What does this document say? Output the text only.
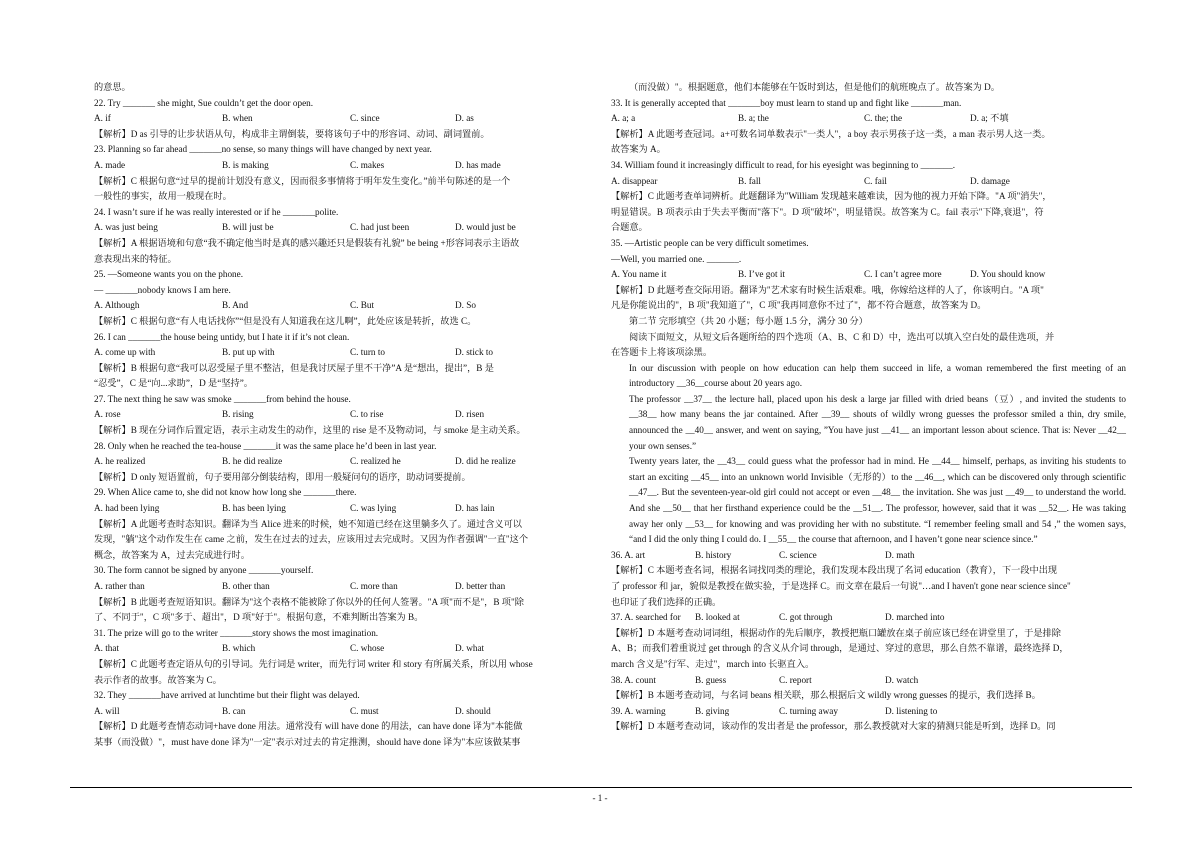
的意思。
22. Try _______ she might, Sue couldn’t get the door open.
A. if	B. when	C. since	D. as
【解析】D as 引导的让步状语从句，构成非主谓倒装，要将该句子中的形容词、动词、副词置前。
23. Planning so far ahead _______no sense, so many things will have changed by next year.
A. made	B. is making	C. makes	D. has made
【解析】C 根据句意“过早的提前计划没有意义，因而很多事情将于明年发生变化。”前半句陈述的是一个
一般性的事实，故用一般现在时。
24. I wasn’t sure if he was really interested or if he _______polite.
A. was just being	B. will just be	C. had just been	D. would just be
【解析】A 根据语境和句意“我不确定他当时是真的感兴趣还只是假装有礼貌” be being +形容词表示主语故
意表现出来的特征。
25. —Someone wants you on the phone.
— _______nobody knows I am here.
A. Although	B. And	C. But	D. So
【解析】C 根据句意“有人电话找你”“但是没有人知道我在这儿啊”，此处应该是转折，故选 C。
26. I can _______the house being untidy, but I hate it if it’s not clean.
A. come up with	B. put up with	C. turn to	D. stick to
【解析】B 根据句意“我可以忍受屋子里不整洁，但是我讨厌屋子里不干净”A 是“想出，提出”，B 是
“忍受”，C 是“向...求助”，D 是“坚持”。
27. The next thing he saw was smoke _______from behind the house.
A. rose	B. rising	C. to rise	D. risen
【解析】B 现在分词作后置定语，表示主动发生的动作，这里的 rise 是不及物动词，与 smoke 是主动关系。
28. Only when he reached the tea-house _______it was the same place he’d been in last year.
A. he realized	B. he did realize	C. realized he	D. did he realize
【解析】D only 短语置前，句子要用部分倒装结构，即用一般疑问句的语序，助动词要提前。
29. When Alice came to, she did not know how long she _______there.
A. had been lying	B. has been lying	C. was lying	D. has lain
【解析】A 此题考查时态知识。翻译为当 Alice 进来的时候，她不知道已经在这里躺多久了。通过含义可以
发现，"躺"这个动作发生在 came 之前，发生在过去的过去，应该用过去完成时。又因为作者强调"一直"这个
概念，故答案为 A，过去完成进行时。
30. The form cannot be signed by anyone _______yourself.
A. rather than	B. other than	C. more than	D. better than
【解析】B 此题考查短语知识。翻译为"这个表格不能被除了你以外的任何人签署。"A 项"而不是"，B 项"除
了、不同于"，C 项"多于、超出"，D 项"好于"。根据句意，不难判断出答案为 B。
31. The prize will go to the writer _______story shows the most imagination.
A. that	B. which	C. whose	D. what
【解析】C 此题考查定语从句的引导词。先行词是 writer，而先行词 writer 和 story 有所属关系，所以用 whose
表示作者的故事。故答案为 C。
32. They _______have arrived at lunchtime but their flight was delayed.
A. will	B. can	C. must	D. should
【解析】D 此题考查情态动词+have done 用法。通常没有 will have done 的用法，can have done 译为"本能做
某事（而没做）"，must have done 译为"一定"表示对过去的肯定推测，should have done 译为"本应该做某事
（而没做）"。根据题意，他们本能够在午饭时到达，但是他们的航班晚点了。故答案为 D。
33. It is generally accepted that _______boy must learn to stand up and fight like _______man.
A. a; a	B. a; the	C. the; the	D. a; 不填
【解析】A 此题考查冠词。a+可数名词单数表示"一类人"，a boy 表示男孩子这一类，a man 表示男人这一类。
故答案为 A。
34. William found it increasingly difficult to read, for his eyesight was beginning to _______.
A. disappear	B. fall	C. fail	D. damage
【解析】C 此题考查单词辨析。此题翻译为"William 发现越来越难读，因为他的视力开始下降。"A 项"消失"，
明显错误。B 项表示由于失去平衡而"落下"。D 项"破坏"，明显错误。故答案为 C。fail 表示"下降,衰退"，符
合题意。
35. —Artistic people can be very difficult sometimes.
—Well, you married one. _______.
A. You name it	B. I’ve got it	C. I can’t agree more	D. You should know
【解析】D 此题考查交际用语。翻译为"艺术家有时候生活艰难。哦，你嫁给这样的人了，你该明白。"A 项"
凡是你能说出的"，B 项"我知道了"，C 项"我再同意你不过了"，都不符合题意，故答案为 D。
第二节 完形填空（共 20 小题；每小题 1.5 分，满分 30 分）
阅读下面短文，从短文后各题所给的四个选项（A、B、C 和 D）中，选出可以填入空白处的最佳选项，并
在答题卡上将该项涂黑。
In our discussion with people on how education can help them succeed in life, a woman remembered the first meeting of an introductory __36__course about 20 years ago.
The professor __37__ the lecture hall, placed upon his desk a large jar filled with dried beans（豆）, and invited the students to __38__ how many beans the jar contained. After __39__ shouts of wildly wrong guesses the professor smiled a thin, dry smile, announced the __40__ answer, and went on saying, ”You have just __41__ an important lesson about science. That is: Never __42__ your own senses.”
Twenty years later, the __43__ could guess what the professor had in mind. He __44__ himself, perhaps, as inviting his students to start an exciting __45__ into an unknown world Invisible（无形的）to the __46__, which can be discovered only through scientific __47__. But the seventeen-year-old girl could not accept or even __48__ the invitation. She was just __49__ to understand the world. And she __50__ that her firsthand experience could be the __51__. The professor, however, said that it was __52__. He was taking away her only __53__ for knowing and was providing her with no substitute. “I remember feeling small and 54 ,” the women says, “and I did the only thing I could do. I __55__ the course that afternoon, and I haven’t gone near science since.”
36. A. art	B. history	C. science	D. math
【解析】C 本题考查名词，根据名词找同类的理论，我们发现本段出现了名词 education（教育），下一段中出现
了 professor 和 jar，貌似是教授在做实验，于是选择 C。而文章在最后一句说"…and I haven't gone near science since"
也印证了我们选择的正确。
37. A. searched for	B. looked at	C. got through	D. marched into
【解析】D 本题考查动词词组，根据动作的先后顺序，教授把瓶口罐放在桌子前应该已经在讲堂里了，于是排除
A、B；而我们着重说过 get through 的含义从介词 through，是通过、穿过的意思，那么自然不靠谱，最终选择 D，
march 含义是"行军、走过"，march into 长驱直入。
38. A. count	B. guess	C. report	D. watch
【解析】B 本题考查动词，与名词 beans 相关联，那么根据后文 wildly wrong guesses 的提示，我们选择 B。
39. A. warning	B. giving	C. turning away	D. listening to
【解析】D 本题考查动词，该动作的发出者是 the professor，那么教授就对大家的猜测只能是听到，选择 D。同
- 1 -
